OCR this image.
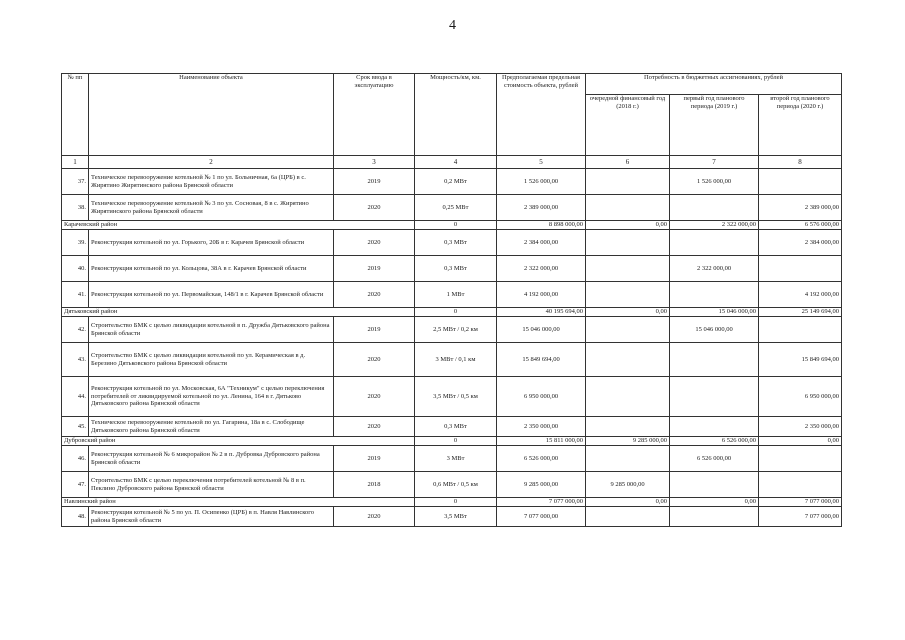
4
№ пп	Наименование объекта	Срок ввода в эксплуатацию	Мощность/км, км.	Предполагаемая предельная стоимость объекта, рублей	Потребность в бюджетных ассигнованиях, рублей		
					очередной финансовый год (2018 г.)	первый год планового периода (2019 г.)	второй год планового периода (2020 г.)
1	2	3	4	5	6	7	8
37.	Техническое перевооружение котельной № 1 по ул. Больничная, 6а (ЦРБ) в с. Жирятино Жирятинского района Брянской области	2019	0,2 МВт	1 526 000,00		1 526 000,00	
38.	Техническое перевооружение котельной № 3 по ул. Сосновая, 8 в с. Жирятино Жирятинского района Брянской области	2020	0,25 МВт	2 389 000,00			2 389 000,00
Карачевский район			0	8 898 000,00	0,00	2 322 000,00	6 576 000,00
39.	Реконструкция котельной по ул. Горького, 20Б в г. Карачев Брянской области	2020	0,3 МВт	2 384 000,00			2 384 000,00
40.	Реконструкция котельной по ул. Кольцова, 38А в г. Карачев Брянской области	2019	0,3 МВт	2 322 000,00		2 322 000,00	
41.	Реконструкция котельной по ул. Первомайская, 148/1 в г. Карачев Брянской области	2020	1 МВт	4 192 000,00			4 192 000,00
Дятьковский район			0	40 195 694,00	0,00	15 046 000,00	25 149 694,00
42.	Строительство БМК с целью ликвидации котельной в п. Дружба Дятьковского района Брянской области	2019	2,5 МВт / 0,2 км	15 046 000,00		15 046 000,00	
43.	Строительство БМК с целью ликвидации котельной по ул. Керамическая в д. Березино Дятьковского района Брянской области	2020	3 МВт / 0,1 км	15 849 694,00			15 849 694,00
44.	Реконструкция котельной по ул. Московская, 6А "Техникум" с целью переключения потребителей от ликвидируемой котельной по ул. Ленина, 164 в г. Дятьково Дятьковского района Брянской области	2020	3,5 МВт / 0,5 км	6 950 000,00			6 950 000,00
45.	Техническое перевооружение котельной по ул. Гагарина, 18а в с. Слободище Дятьковского района Брянской области	2020	0,3 МВт	2 350 000,00			2 350 000,00
Дубровский район			0	15 811 000,00	9 285 000,00	6 526 000,00	0,00
46.	Реконструкция котельной № 6 микрорайон № 2 в п. Дубровка Дубровского района Брянской области	2019	3 МВт	6 526 000,00		6 526 000,00	
47.	Строительство БМК с целью переключения потребителей котельной № 8 в п. Пеклино Дубровского района Брянской области	2018	0,6 МВт / 0,5 км	9 285 000,00	9 285 000,00		
Навлинский район			0	7 077 000,00	0,00	0,00	7 077 000,00
48.	Реконструкция котельной № 5 по ул. П. Осипенко (ЦРБ) в п. Навля Навлинского района Брянской области	2020	3,5 МВт	7 077 000,00			7 077 000,00
